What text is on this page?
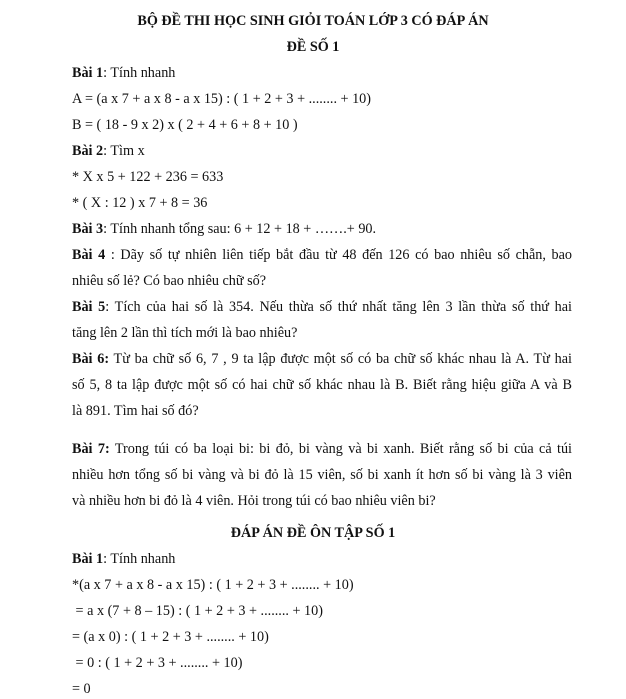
BỘ ĐỀ THI HỌC SINH GIỎI TOÁN LỚP 3 CÓ ĐÁP ÁN
ĐỀ SỐ 1
Bài 1: Tính nhanh
A = (a x 7 + a x 8 - a x 15) : ( 1 + 2 + 3 + ........ + 10)
B = ( 18 - 9 x 2) x ( 2 + 4 + 6 + 8 + 10 )
Bài 2: Tìm x
* X x 5 + 122 + 236 = 633
* ( X : 12 ) x 7 + 8 = 36
Bài 3: Tính nhanh tổng sau: 6 + 12 + 18 + …….+ 90.
Bài 4 : Dãy số tự nhiên liên tiếp bắt đầu từ 48 đến 126 có bao nhiêu số chẵn, bao
nhiêu số lẻ? Có bao nhiêu chữ số?
Bài 5: Tích của hai số là 354. Nếu thừa số thứ nhất tăng lên 3 lần thừa số thứ hai
tăng lên 2 lần thì tích mới là bao nhiêu?
Bài 6: Từ ba chữ số 6, 7 , 9 ta lập được một số có ba chữ số khác nhau là A. Từ hai
số 5, 8 ta lập được một số có hai chữ số khác nhau là B. Biết rằng hiệu giữa A và B
là 891. Tìm hai số đó?
Bài 7: Trong túi có ba loại bi: bi đỏ, bi vàng và bi xanh. Biết rằng số bi của cả túi
nhiều hơn tổng số bi vàng và bi đỏ là 15 viên, số bi xanh ít hơn số bi vàng là 3 viên
và nhiều hơn bi đỏ là 4 viên. Hỏi trong túi có bao nhiêu viên bi?
ĐÁP ÁN ĐỀ ÔN TẬP SỐ 1
Bài 1: Tính nhanh
*(a x 7 + a x 8 - a x 15) : ( 1 + 2 + 3 + ........ + 10)
= a x (7 + 8 – 15) : ( 1 + 2 + 3 + ........ + 10)
= (a x 0) : ( 1 + 2 + 3 + ........ + 10)
= 0 : ( 1 + 2 + 3 + ........ + 10)
= 0
